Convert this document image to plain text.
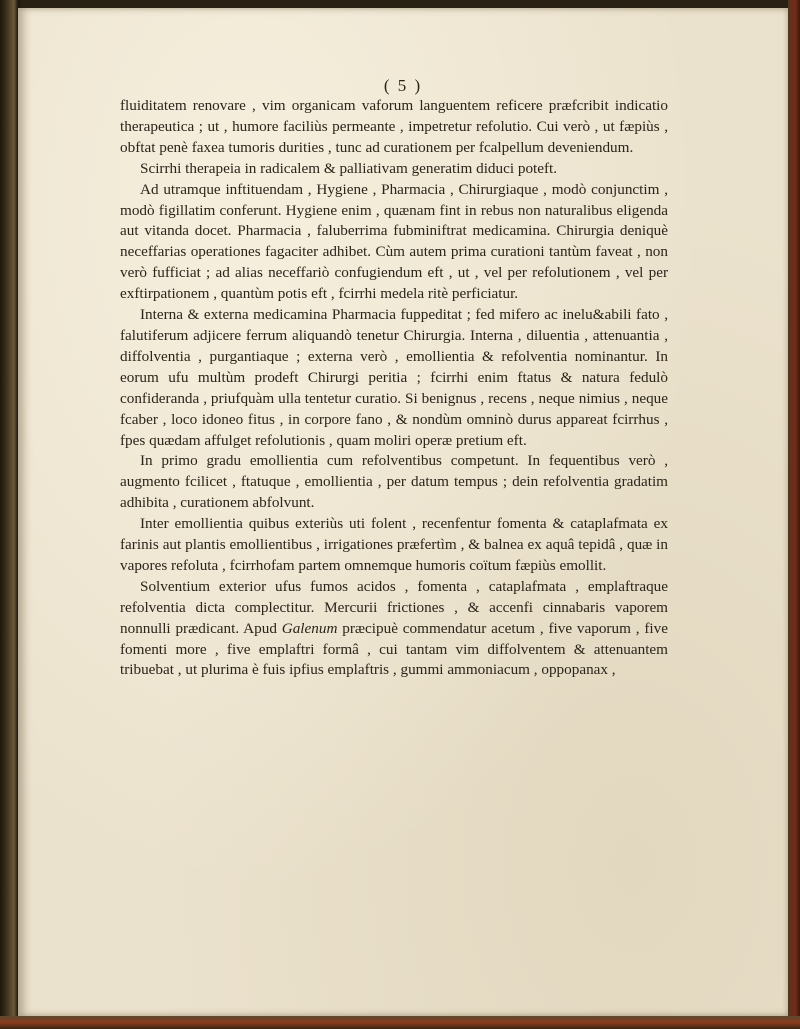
( 5 )

fluiditatem renovare , vim organicam vaforum languentem reficere præfcribit indicatio therapeutica ; ut , humore faciliùs permeante , impetretur refolutio. Cui verò , ut fæpiùs , obftat penè faxea tumoris durities , tunc ad curationem per fcalpellum deveniendum.

Scirrhi therapeia in radicalem & palliativam generatim diduci poteft.

Ad utramque inftituendam , Hygiene , Pharmacia , Chirurgiaque , modò conjunctim , modò figillatim conferunt. Hygiene enim , quænam fint in rebus non naturalibus eligenda aut vitanda docet. Pharmacia , faluberrima fubminiftrat medicamina. Chirurgia deniquè neceffarias operationes fagaciter adhibet. Cùm autem prima curationi tantùm faveat , non verò fufficiat ; ad alias neceffariò confugiendum eft , ut , vel per refolutionem , vel per exftirpationem , quantùm potis eft , fcirrhi medela ritè perficiatur.

Interna & externa medicamina Pharmacia fuppeditat ; fed mifero ac inelu&abili fato , falutiferum adjicere ferrum aliquandò tenetur Chirurgia. Interna , diluentia , attenuantia , diffolventia , purgantiaque ; externa verò , emollientia & refolventia nominantur. In eorum ufu multùm prodeft Chirurgi peritia ; fcirrhi enim ftatus & natura fedulò confideranda , priufquàm ulla tentetur curatio. Si benignus , recens , neque nimius , neque fcaber , loco idoneo fitus , in corpore fano , & nondùm omninò durus appareat fcirrhus , fpes quædam affulget refolutionis , quam moliri operæ pretium eft.

In primo gradu emollientia cum refolventibus competunt. In fequentibus verò , augmento fcilicet , ftatuque , emollientia , per datum tempus ; dein refolventia gradatim adhibita , curationem abfolvunt.

Inter emollientia quibus exteriùs uti folent , recenfentur fomenta & cataplafmata ex farinis aut plantis emollientibus , irrigationes præfertìm , & balnea ex aquâ tepidâ , quæ in vapores refoluta , fcirrhofam partem omnemque humoris coïtum fæpiùs emollit.

Solventium exterior ufus fumos acidos , fomenta , cataplafmata , emplaftraque refolventia dicta complectitur. Mercurii frictiones , & accenfi cinnabaris vaporem nonnulli prædicant. Apud Galenum præcipuè commendatur acetum , five vaporum , five fomenti more , five emplaftri formâ , cui tantam vim diffolventem & attenuantem tribuebat , ut plurima è fuis ipfius emplaftris , gummi ammoniacum , oppopanax ,
